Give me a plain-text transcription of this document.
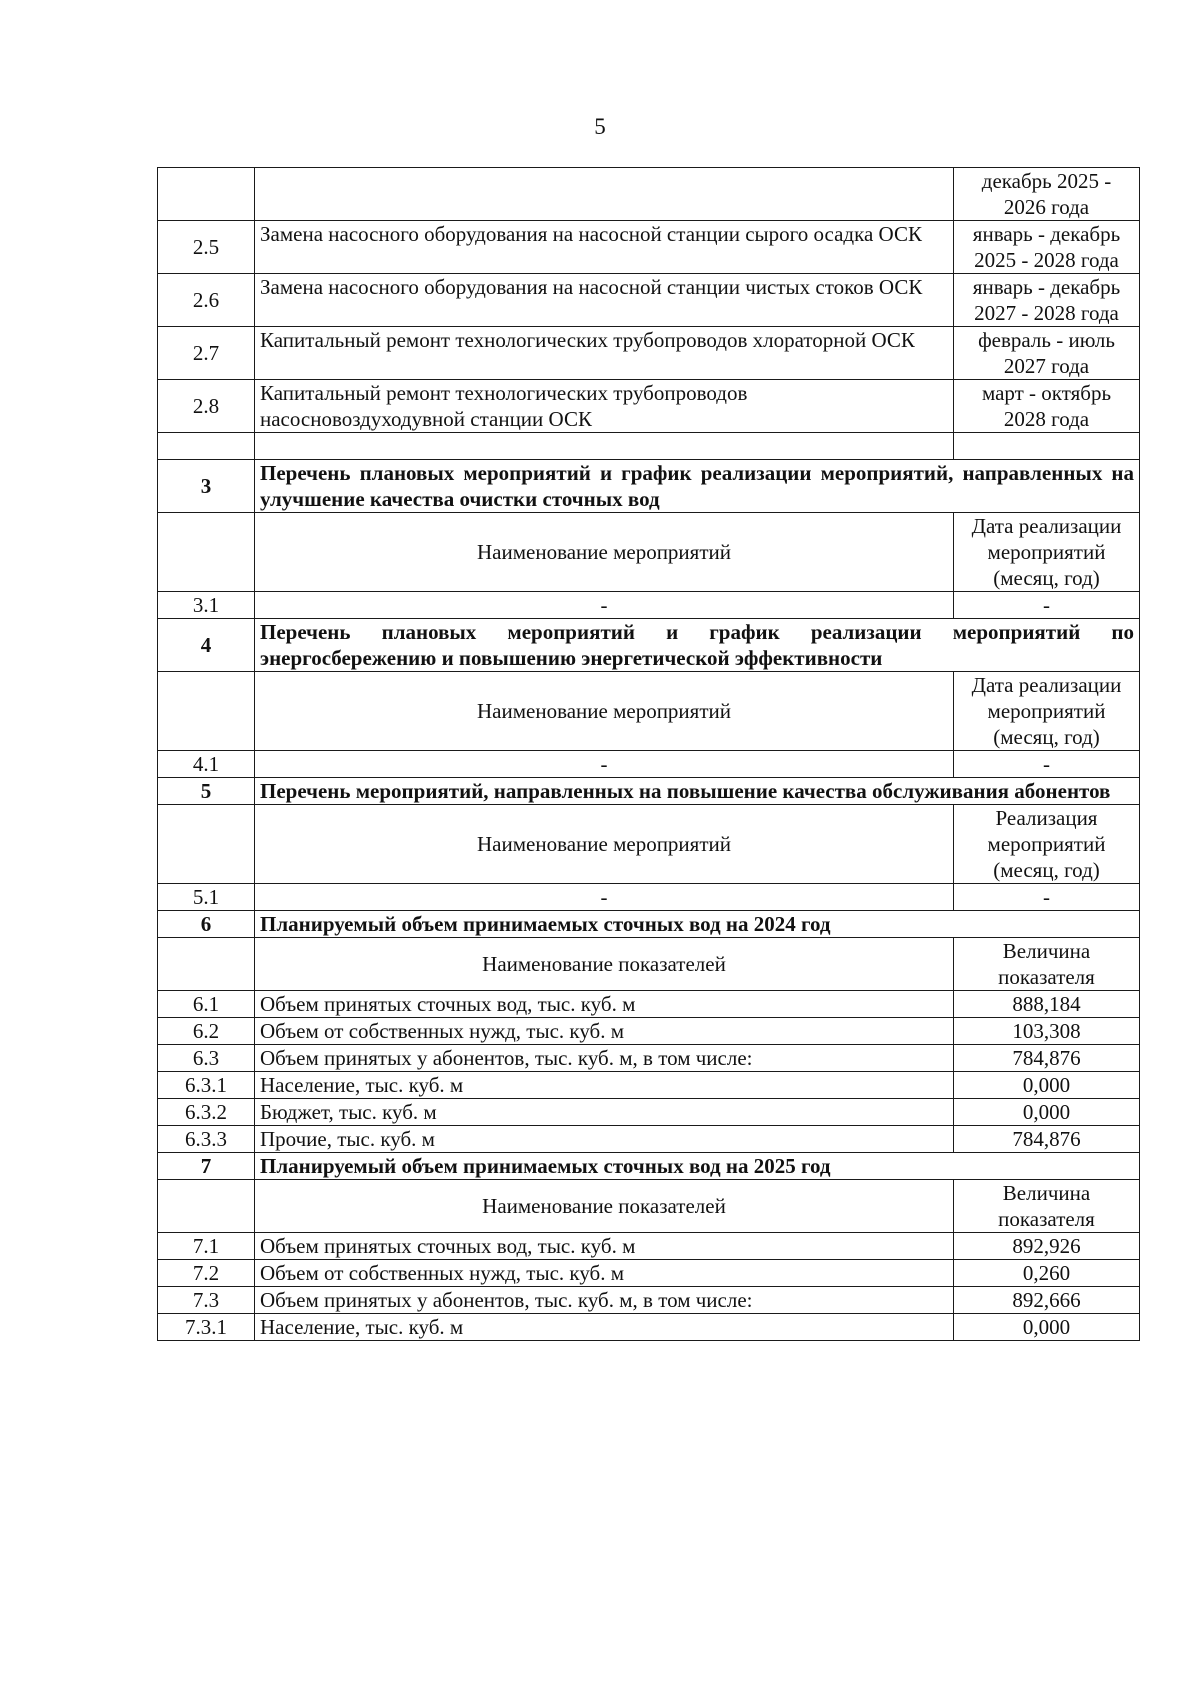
5
		декабрь 2025 - 2026 года
2.5	Замена насосного оборудования на насосной станции сырого осадка ОСК	январь - декабрь 2025 - 2028 года
2.6	Замена насосного оборудования на насосной станции чистых стоков ОСК	январь - декабрь 2027 - 2028 года
2.7	Капитальный ремонт технологических трубопроводов хлораторной ОСК	февраль - июль 2027 года
2.8	Капитальный ремонт технологических трубопроводов насосновоздуходувной станции ОСК	март - октябрь 2028 года

3	Перечень плановых мероприятий и график реализации мероприятий, направленных на улучшение качества очистки сточных вод	
	Наименование мероприятий	Дата реализации мероприятий (месяц, год)
3.1	-	-
4	Перечень плановых мероприятий и график реализации мероприятий по энергосбережению и повышению энергетической эффективности	
	Наименование мероприятий	Дата реализации мероприятий (месяц, год)
4.1	-	-
5	Перечень мероприятий, направленных на повышение качества обслуживания абонентов	
	Наименование мероприятий	Реализация мероприятий (месяц, год)
5.1	-	-
6	Планируемый объем принимаемых сточных вод на 2024 год	
	Наименование показателей	Величина показателя
6.1	Объем принятых сточных вод, тыс. куб. м	888,184
6.2	Объем от собственных нужд, тыс. куб. м	103,308
6.3	Объем принятых у абонентов, тыс. куб. м, в том числе:	784,876
6.3.1	Население, тыс. куб. м	0,000
6.3.2	Бюджет, тыс. куб. м	0,000
6.3.3	Прочие, тыс. куб. м	784,876
7	Планируемый объем принимаемых сточных вод на 2025 год	
	Наименование показателей	Величина показателя
7.1	Объем принятых сточных вод, тыс. куб. м	892,926
7.2	Объем от собственных нужд, тыс. куб. м	0,260
7.3	Объем принятых у абонентов, тыс. куб. м, в том числе:	892,666
7.3.1	Население, тыс. куб. м	0,000
